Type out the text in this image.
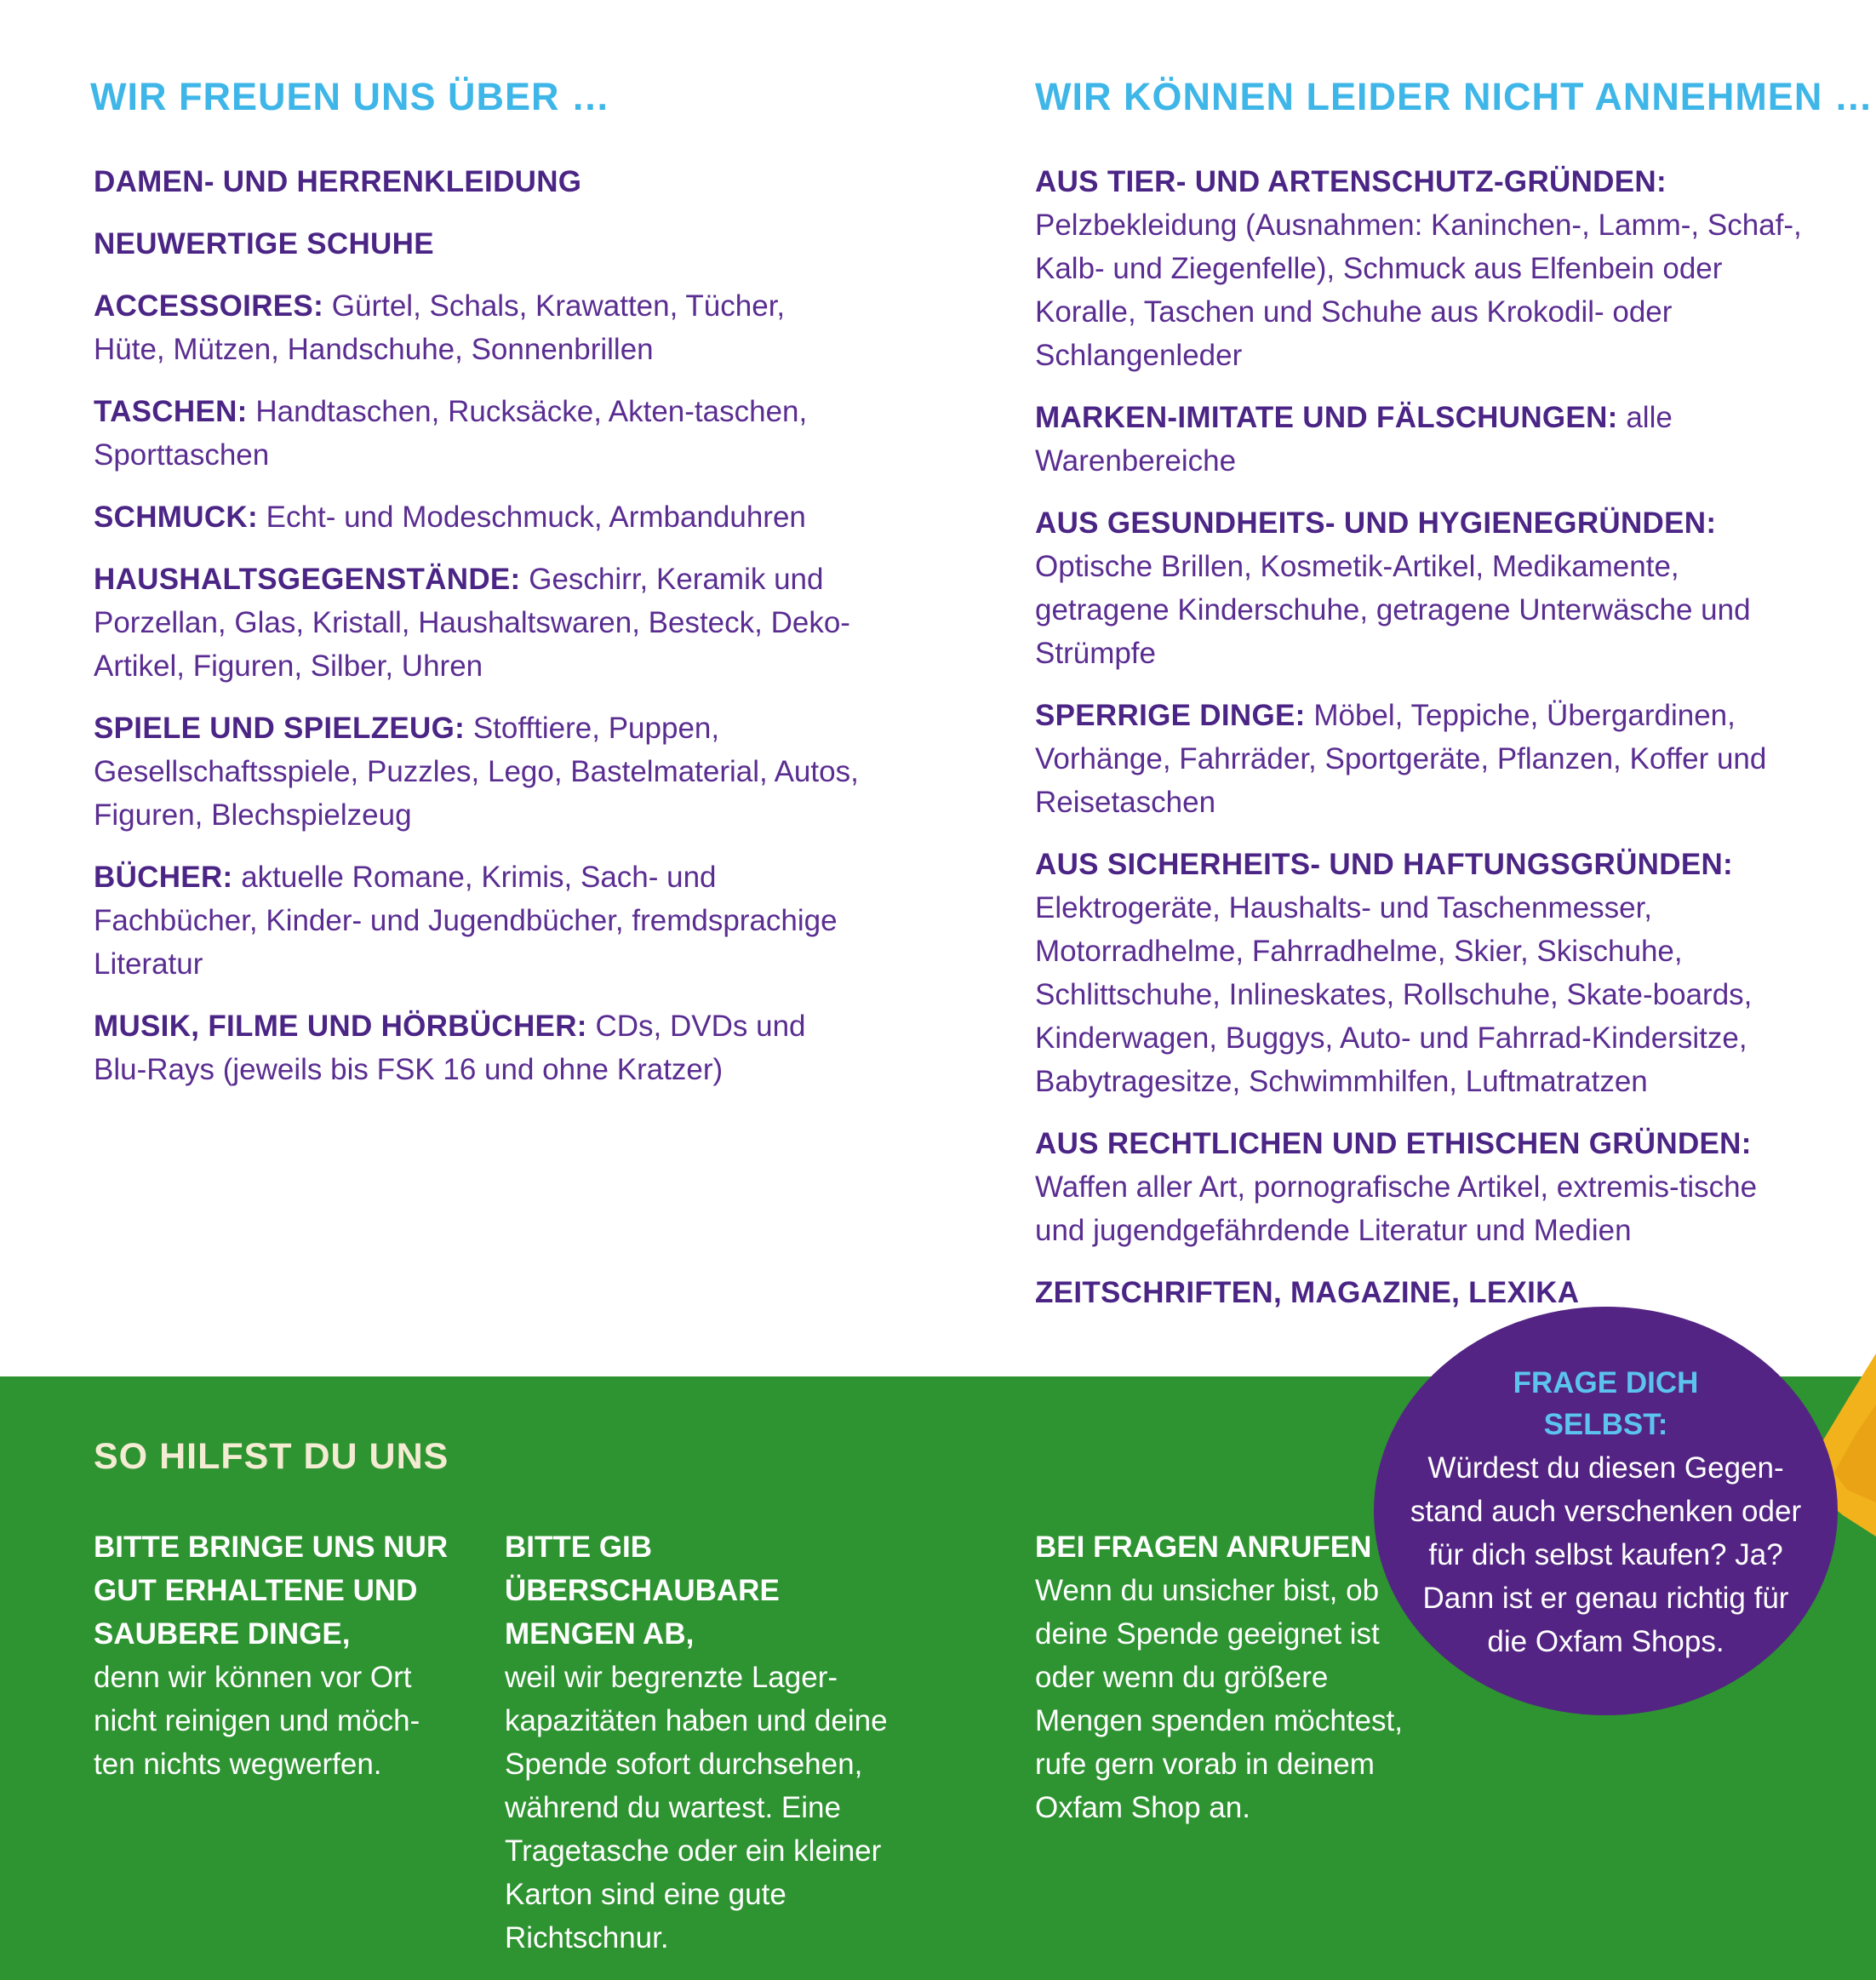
WIR FREUEN UNS ÜBER …

DAMEN- UND HERRENKLEIDUNG

NEUWERTIGE SCHUHE

ACCESSOIRES: Gürtel, Schals, Krawatten, Tücher, Hüte, Mützen, Handschuhe, Sonnenbrillen

TASCHEN: Handtaschen, Rucksäcke, Akten-taschen, Sporttaschen

SCHMUCK: Echt- und Modeschmuck, Armbanduhren

HAUSHALTSGEGENSTÄNDE: Geschirr, Keramik und Porzellan, Glas, Kristall, Haushaltswaren, Besteck, Deko-Artikel, Figuren, Silber, Uhren

SPIELE UND SPIELZEUG: Stofftiere, Puppen, Gesellschaftsspiele, Puzzles, Lego, Bastelmaterial, Autos, Figuren, Blechspielzeug

BÜCHER: aktuelle Romane, Krimis, Sach- und Fachbücher, Kinder- und Jugendbücher, fremdsprachige Literatur

MUSIK, FILME UND HÖRBÜCHER: CDs, DVDs und Blu-Rays (jeweils bis FSK 16 und ohne Kratzer)

WIR KÖNNEN LEIDER NICHT ANNEHMEN …

AUS TIER- UND ARTENSCHUTZ-GRÜNDEN: Pelzbekleidung (Ausnahmen: Kaninchen-, Lamm-, Schaf-, Kalb- und Ziegenfelle), Schmuck aus Elfenbein oder Koralle, Taschen und Schuhe aus Krokodil- oder Schlangenleder

MARKEN-IMITATE UND FÄLSCHUNGEN: alle Warenbereiche

AUS GESUNDHEITS- UND HYGIENEGRÜNDEN: Optische Brillen, Kosmetik-Artikel, Medikamente, getragene Kinderschuhe, getragene Unterwäsche und Strümpfe

SPERRIGE DINGE: Möbel, Teppiche, Übergardinen, Vorhänge, Fahrräder, Sportgeräte, Pflanzen, Koffer und Reisetaschen

AUS SICHERHEITS- UND HAFTUNGSGRÜNDEN: Elektrogeräte, Haushalts- und Taschenmesser, Motorradhelme, Fahrradhelme, Skier, Skischuhe, Schlittschuhe, Inlineskates, Rollschuhe, Skate-boards, Kinderwagen, Buggys, Auto- und Fahrrad-Kindersitze, Babytragesitze, Schwimmhilfen, Luftmatratzen

AUS RECHTLICHEN UND ETHISCHEN GRÜNDEN: Waffen aller Art, pornografische Artikel, extremis-tische und jugendgefährdende Literatur und Medien

ZEITSCHRIFTEN, MAGAZINE, LEXIKA

SO HILFST DU UNS
BITTE BRINGE UNS NUR GUT ERHALTENE UND SAUBERE DINGE,
denn wir können vor Ort nicht reinigen und möch-ten nichts wegwerfen.
BITTE GIB ÜBERSCHAUBARE MENGEN AB,
weil wir begrenzte Lager-kapazitäten haben und deine Spende sofort durchsehen, während du wartest. Eine Tragetasche oder ein kleiner Karton sind eine gute Richtschnur.
BEI FRAGEN ANRUFEN
Wenn du unsicher bist, ob deine Spende geeignet ist oder wenn du größere Mengen spenden möchtest, rufe gern vorab in deinem Oxfam Shop an.
FRAGE DICH SELBST:
Würdest du diesen Gegen-stand auch verschenken oder für dich selbst kaufen? Ja? Dann ist er genau richtig für die Oxfam Shops.
